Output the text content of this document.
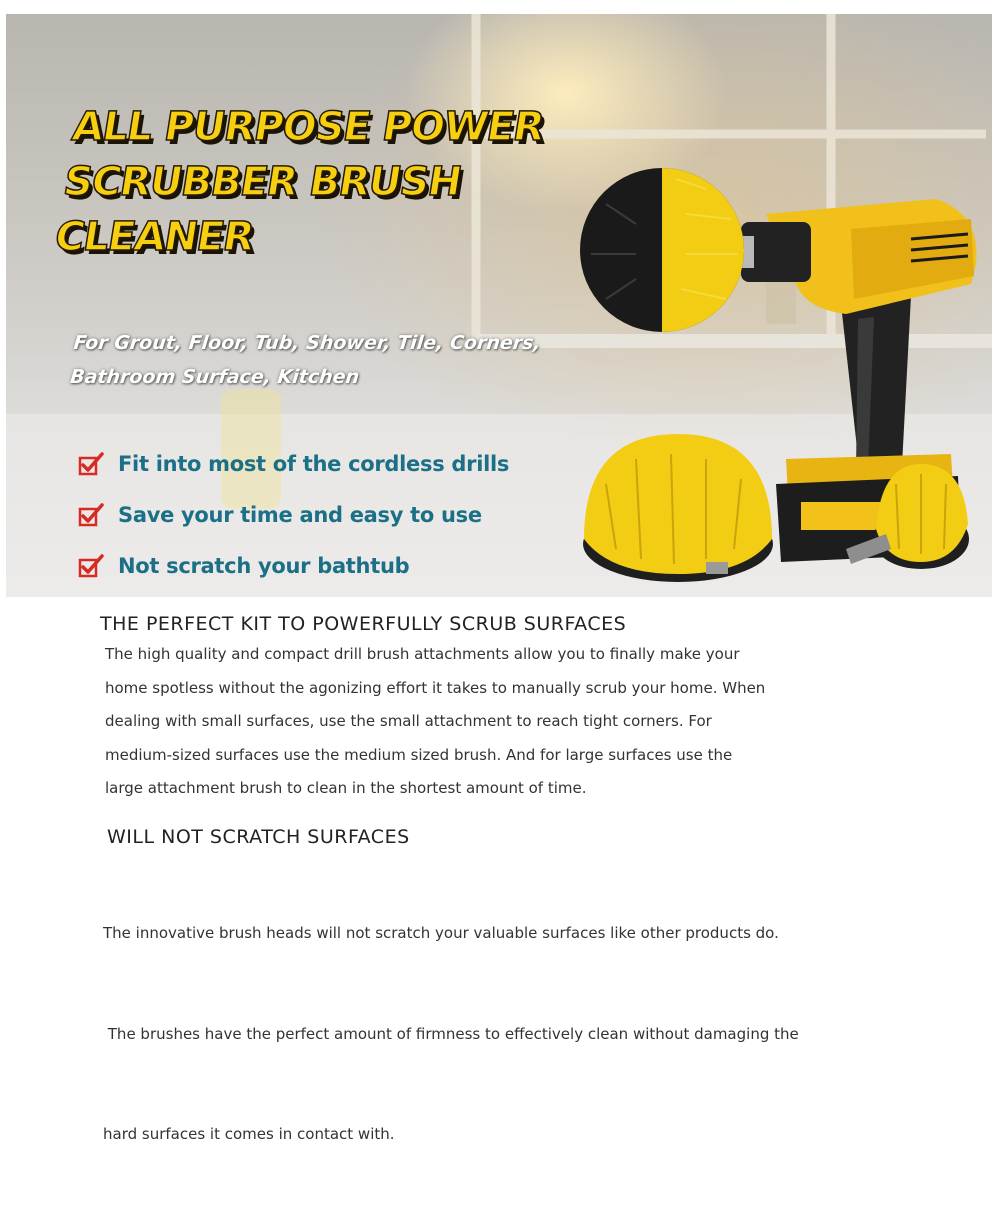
ALL PURPOSE POWER
SCRUBBER BRUSH
CLEANER

For Grout, Floor, Tub, Shower, Tile, Corners, Bathroom Surface, Kitchen

Fit into most of the cordless drills
Save your time and easy to use
Not scratch your bathtub
THE PERFECT KIT TO POWERFULLY SCRUB SURFACES

The high quality and compact drill brush attachments allow you to finally make your
home spotless without the agonizing effort it takes to manually scrub your home. When
dealing with small surfaces, use the small attachment to reach tight corners. For
medium-sized surfaces use the medium sized brush. And for large surfaces use the
large attachment brush to clean in the shortest amount of time.

WILL NOT SCRATCH SURFACES

The innovative brush heads will not scratch your valuable surfaces like other products do.

The brushes have the perfect amount of firmness to effectively clean without damaging the

hard surfaces it comes in contact with.
